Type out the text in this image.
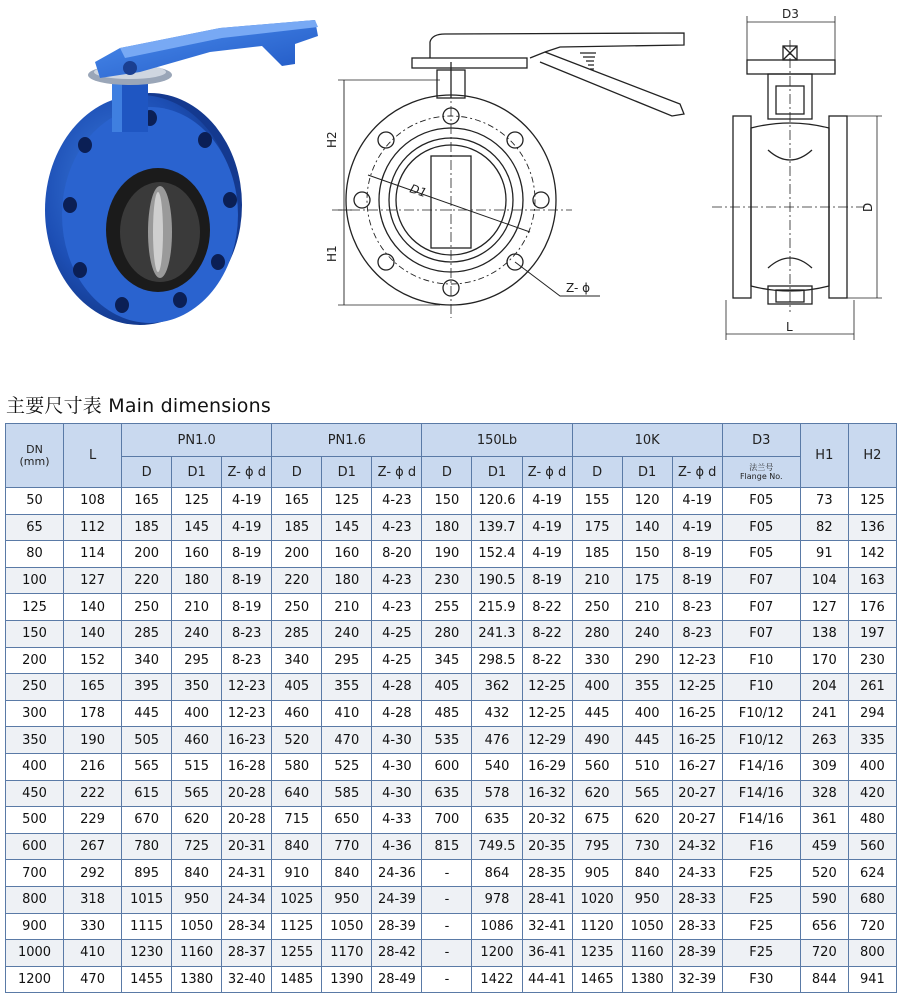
H2
H1
D1
Z- ϕ
D3
D
L
主要尺寸表 Main dimensions
DN
(mm)	L	PN1.0			PN1.6			150Lb			10K			D3	H1	H2
		D	D1	Z- ϕ d	D	D1	Z- ϕ d	D	D1	Z- ϕ d	D	D1	Z- ϕ d	法兰号
Flange No.		

50	108	165	125	4-19	165	125	4-23	150	120.6	4-19	155	120	4-19	F05	73	125
65	112	185	145	4-19	185	145	4-23	180	139.7	4-19	175	140	4-19	F05	82	136
80	114	200	160	8-19	200	160	8-20	190	152.4	4-19	185	150	8-19	F05	91	142
100	127	220	180	8-19	220	180	4-23	230	190.5	8-19	210	175	8-19	F07	104	163
125	140	250	210	8-19	250	210	4-23	255	215.9	8-22	250	210	8-23	F07	127	176
150	140	285	240	8-23	285	240	4-25	280	241.3	8-22	280	240	8-23	F07	138	197
200	152	340	295	8-23	340	295	4-25	345	298.5	8-22	330	290	12-23	F10	170	230
250	165	395	350	12-23	405	355	4-28	405	362	12-25	400	355	12-25	F10	204	261
300	178	445	400	12-23	460	410	4-28	485	432	12-25	445	400	16-25	F10/12	241	294
350	190	505	460	16-23	520	470	4-30	535	476	12-29	490	445	16-25	F10/12	263	335
400	216	565	515	16-28	580	525	4-30	600	540	16-29	560	510	16-27	F14/16	309	400
450	222	615	565	20-28	640	585	4-30	635	578	16-32	620	565	20-27	F14/16	328	420
500	229	670	620	20-28	715	650	4-33	700	635	20-32	675	620	20-27	F14/16	361	480
600	267	780	725	20-31	840	770	4-36	815	749.5	20-35	795	730	24-32	F16	459	560
700	292	895	840	24-31	910	840	24-36	-	864	28-35	905	840	24-33	F25	520	624
800	318	1015	950	24-34	1025	950	24-39	-	978	28-41	1020	950	28-33	F25	590	680
900	330	1115	1050	28-34	1125	1050	28-39	-	1086	32-41	1120	1050	28-33	F25	656	720
1000	410	1230	1160	28-37	1255	1170	28-42	-	1200	36-41	1235	1160	28-39	F25	720	800
1200	470	1455	1380	32-40	1485	1390	28-49	-	1422	44-41	1465	1380	32-39	F30	844	941
